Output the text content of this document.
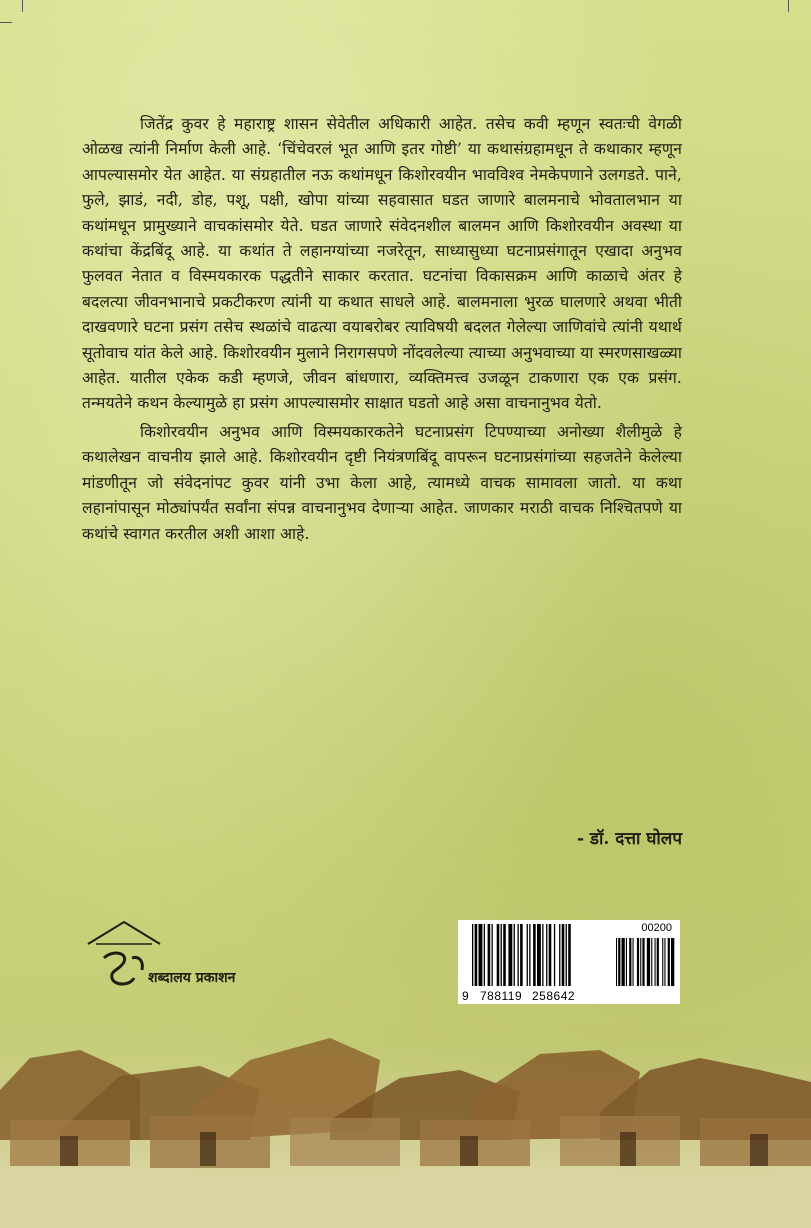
जितेंद्र कुवर हे महाराष्ट्र शासन सेवेतील अधिकारी आहेत. तसेच कवी म्हणून स्वतःची वेगळी ओळख त्यांनी निर्माण केली आहे. ‘चिंचेवरलं भूत आणि इतर गोष्टी’ या कथासंग्रहामधून ते कथाकार म्हणून आपल्यासमोर येत आहेत. या संग्रहातील नऊ कथांमधून किशोरवयीन भावविश्व नेमकेपणाने उलगडते. पाने, फुले, झाडं, नदी, डोह, पशू, पक्षी, खोपा यांच्या सहवासात घडत जाणारे बालमनाचे भोवतालभान या कथांमधून प्रामुख्याने वाचकांसमोर येते. घडत जाणारे संवेदनशील बालमन आणि किशोरवयीन अवस्था या कथांचा केंद्रबिंदू आहे. या कथांत ते लहानग्यांच्या नजरेतून, साध्यासुध्या घटनाप्रसंगातून एखादा अनुभव फुलवत नेतात व विस्मयकारक पद्धतीने साकार करतात. घटनांचा विकासक्रम आणि काळाचे अंतर हे बदलत्या जीवनभानाचे प्रकटीकरण त्यांनी या कथात साधले आहे. बालमनाला भुरळ घालणारे अथवा भीती दाखवणारे घटना प्रसंग तसेच स्थळांचे वाढत्या वयाबरोबर त्याविषयी बदलत गेलेल्या जाणिवांचे त्यांनी यथार्थ सूतोवाच यांत केले आहे. किशोरवयीन मुलाने निरागसपणे नोंदवलेल्या त्याच्या अनुभवाच्या या स्मरणसाखळ्या आहेत. यातील एकेक कडी म्हणजे, जीवन बांधणारा, व्यक्तिमत्त्व उजळून टाकणारा एक एक प्रसंग. तन्मयतेने कथन केल्यामुळे हा प्रसंग आपल्यासमोर साक्षात घडतो आहे असा वाचनानुभव येतो.

किशोरवयीन अनुभव आणि विस्मयकारकतेने घटनाप्रसंग टिपण्याच्या अनोख्या शैलीमुळे हे कथालेखन वाचनीय झाले आहे. किशोरवयीन दृष्टी नियंत्रणबिंदू वापरून घटनाप्रसंगांच्या सहजतेने केलेल्या मांडणीतून जो संवेदनांपट कुवर यांनी उभा केला आहे, त्यामध्ये वाचक सामावला जातो. या कथा लहानांपासून मोठ्यांपर्यंत सर्वांना संपन्न वाचनानुभव देणाऱ्या आहेत. जाणकार मराठी वाचक निश्चितपणे या कथांचे स्वागत करतील अशी आशा आहे.

- डॉ. दत्ता घोलप
शब्दालय प्रकाशन
00200
9 788119 258642
